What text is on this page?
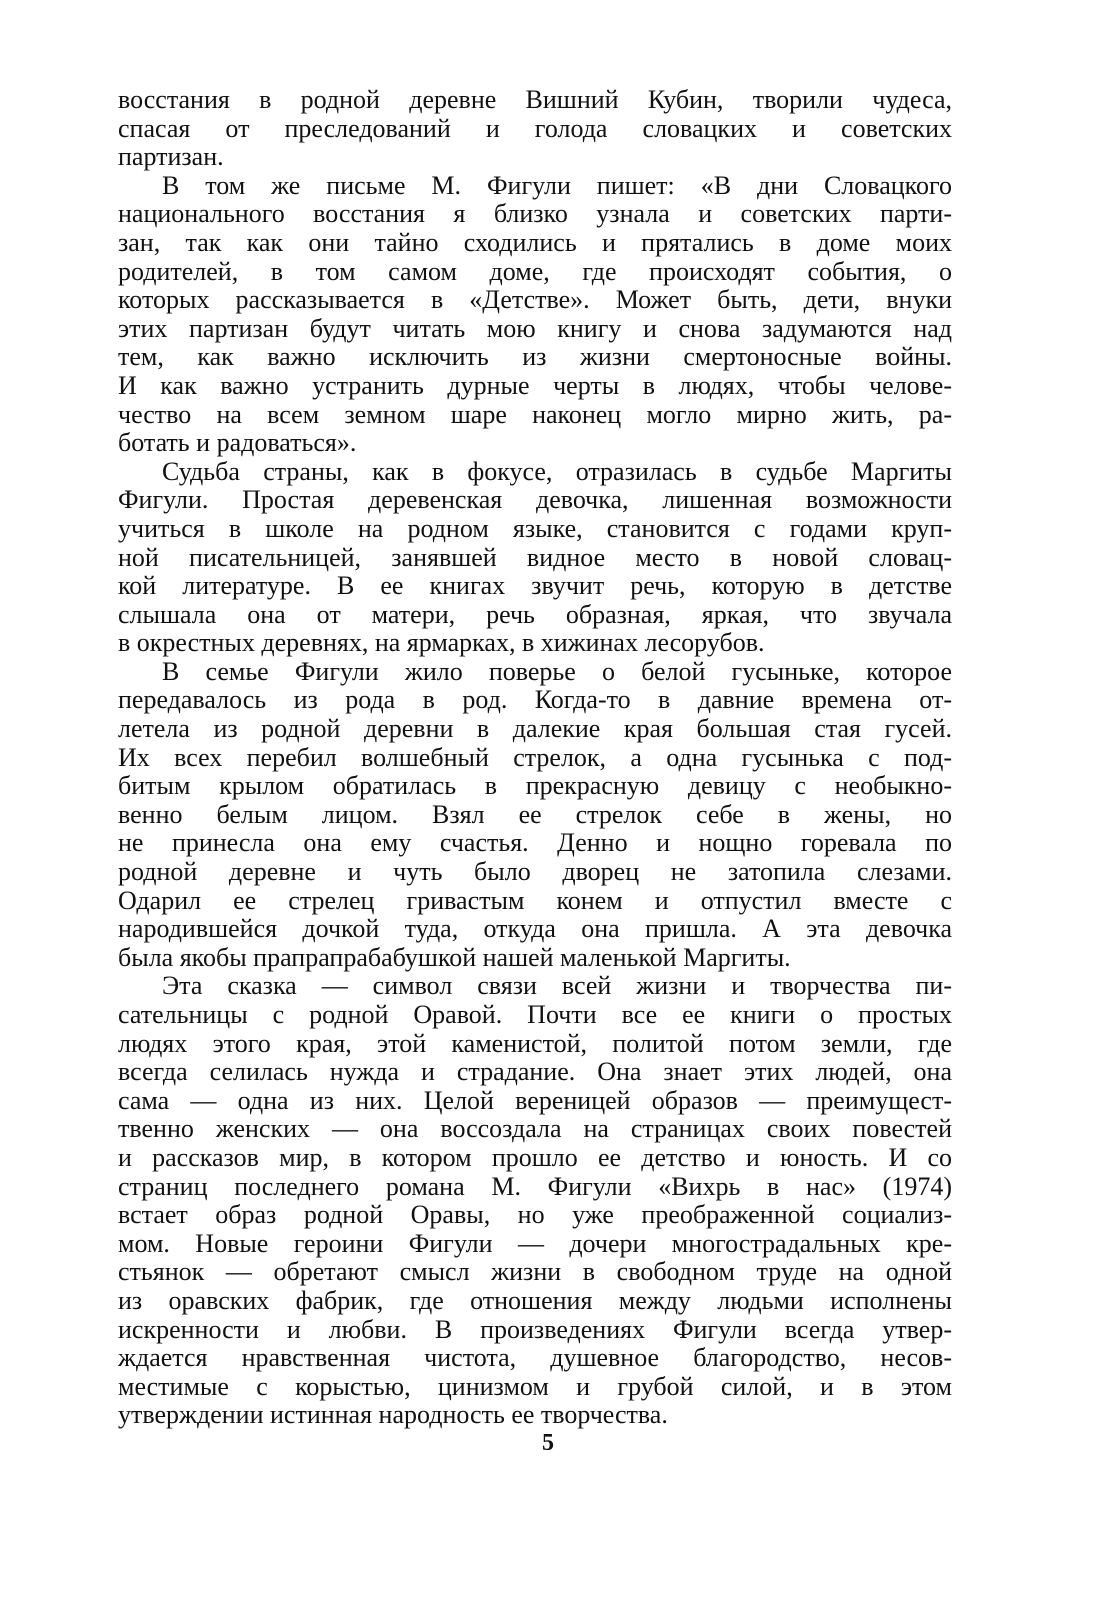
восстания в родной деревне Вишний Кубин, творили чудеса,
спасая от преследований и голода словацких и советских
партизан.
В том же письме М. Фигули пишет: «В дни Словацкого
национального восстания я близко узнала и советских парти-
зан, так как они тайно сходились и прятались в доме моих
родителей, в том самом доме, где происходят события, о
которых рассказывается в «Детстве». Может быть, дети, внуки
этих партизан будут читать мою книгу и снова задумаются над
тем, как важно исключить из жизни смертоносные войны.
И как важно устранить дурные черты в людях, чтобы челове-
чество на всем земном шаре наконец могло мирно жить, ра-
ботать и радоваться».
Судьба страны, как в фокусе, отразилась в судьбе Маргиты
Фигули. Простая деревенская девочка, лишенная возможности
учиться в школе на родном языке, становится с годами круп-
ной писательницей, занявшей видное место в новой словац-
кой литературе. В ее книгах звучит речь, которую в детстве
слышала она от матери, речь образная, яркая, что звучала
в окрестных деревнях, на ярмарках, в хижинах лесорубов.
В семье Фигули жило поверье о белой гусыньке, которое
передавалось из рода в род. Когда-то в давние времена от-
летела из родной деревни в далекие края большая стая гусей.
Их всех перебил волшебный стрелок, а одна гусынька с под-
битым крылом обратилась в прекрасную девицу с необыкно-
венно белым лицом. Взял ее стрелок себе в жены, но
не принесла она ему счастья. Денно и нощно горевала по
родной деревне и чуть было дворец не затопила слезами.
Одарил ее стрелец гривастым конем и отпустил вместе с
народившейся дочкой туда, откуда она пришла. А эта девочка
была якобы прапрапрабабушкой нашей маленькой Маргиты.
Эта сказка — символ связи всей жизни и творчества пи-
сательницы с родной Оравой. Почти все ее книги о простых
людях этого края, этой каменистой, политой потом земли, где
всегда селилась нужда и страдание. Она знает этих людей, она
сама — одна из них. Целой вереницей образов — преимущест-
твенно женских — она воссоздала на страницах своих повестей
и рассказов мир, в котором прошло ее детство и юность. И со
страниц последнего романа М. Фигули «Вихрь в нас» (1974)
встает образ родной Оравы, но уже преображенной социализ-
мом. Новые героини Фигули — дочери многострадальных кре-
стьянок — обретают смысл жизни в свободном труде на одной
из оравских фабрик, где отношения между людьми исполнены
искренности и любви. В произведениях Фигули всегда утвер-
ждается нравственная чистота, душевное благородство, несов-
местимые с корыстью, цинизмом и грубой силой, и в этом
утверждении истинная народность ее творчества.
5
